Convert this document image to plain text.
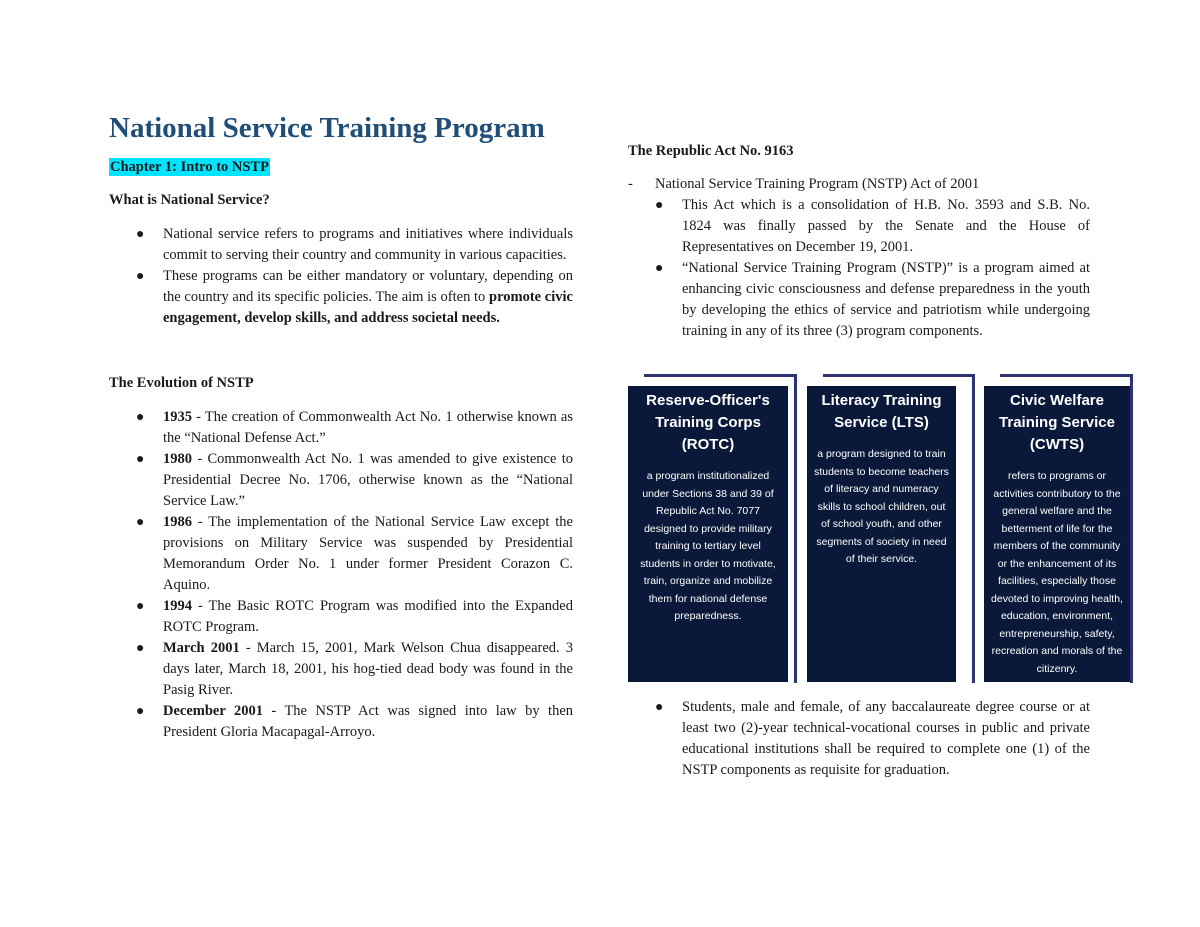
National Service Training Program
Chapter 1: Intro to NSTP

What is National Service?

● National service refers to programs and initiatives where individuals commit to serving their country and community in various capacities.
● These programs can be either mandatory or voluntary, depending on the country and its specific policies. The aim is often to promote civic engagement, develop skills, and address societal needs.

The Evolution of NSTP

● 1935 - The creation of Commonwealth Act No. 1 otherwise known as the “National Defense Act.”
● 1980 - Commonwealth Act No. 1 was amended to give existence to Presidential Decree No. 1706, otherwise known as the “National Service Law.”
● 1986 - The implementation of the National Service Law except the provisions on Military Service was suspended by Presidential Memorandum Order No. 1 under former President Corazon C. Aquino.
● 1994 - The Basic ROTC Program was modified into the Expanded ROTC Program.
● March 2001 - March 15, 2001, Mark Welson Chua disappeared. 3 days later, March 18, 2001, his hog-tied dead body was found in the Pasig River.
● December 2001 - The NSTP Act was signed into law by then President Gloria Macapagal-Arroyo.

The Republic Act No. 9163

- National Service Training Program (NSTP) Act of 2001
● This Act which is a consolidation of H.B. No. 3593 and S.B. No. 1824 was finally passed by the Senate and the House of Representatives on December 19, 2001.
● “National Service Training Program (NSTP)” is a program aimed at enhancing civic consciousness and defense preparedness in the youth by developing the ethics of service and patriotism while undergoing training in any of its three (3) program components.
Reserve-Officer's Training Corps (ROTC)
a program institutionalized under Sections 38 and 39 of Republic Act No. 7077 designed to provide military training to tertiary level students in order to motivate, train, organize and mobilize them for national defense preparedness.
Literacy Training Service (LTS)
a program designed to train students to become teachers of literacy and numeracy skills to school children, out of school youth, and other segments of society in need of their service.
Civic Welfare Training Service (CWTS)
refers to programs or activities contributory to the general welfare and the betterment of life for the members of the community or the enhancement of its facilities, especially those devoted to improving health, education, environment, entrepreneurship, safety, recreation and morals of the citizenry.
● Students, male and female, of any baccalaureate degree course or at least two (2)-year technical-vocational courses in public and private educational institutions shall be required to complete one (1) of the NSTP components as requisite for graduation.
